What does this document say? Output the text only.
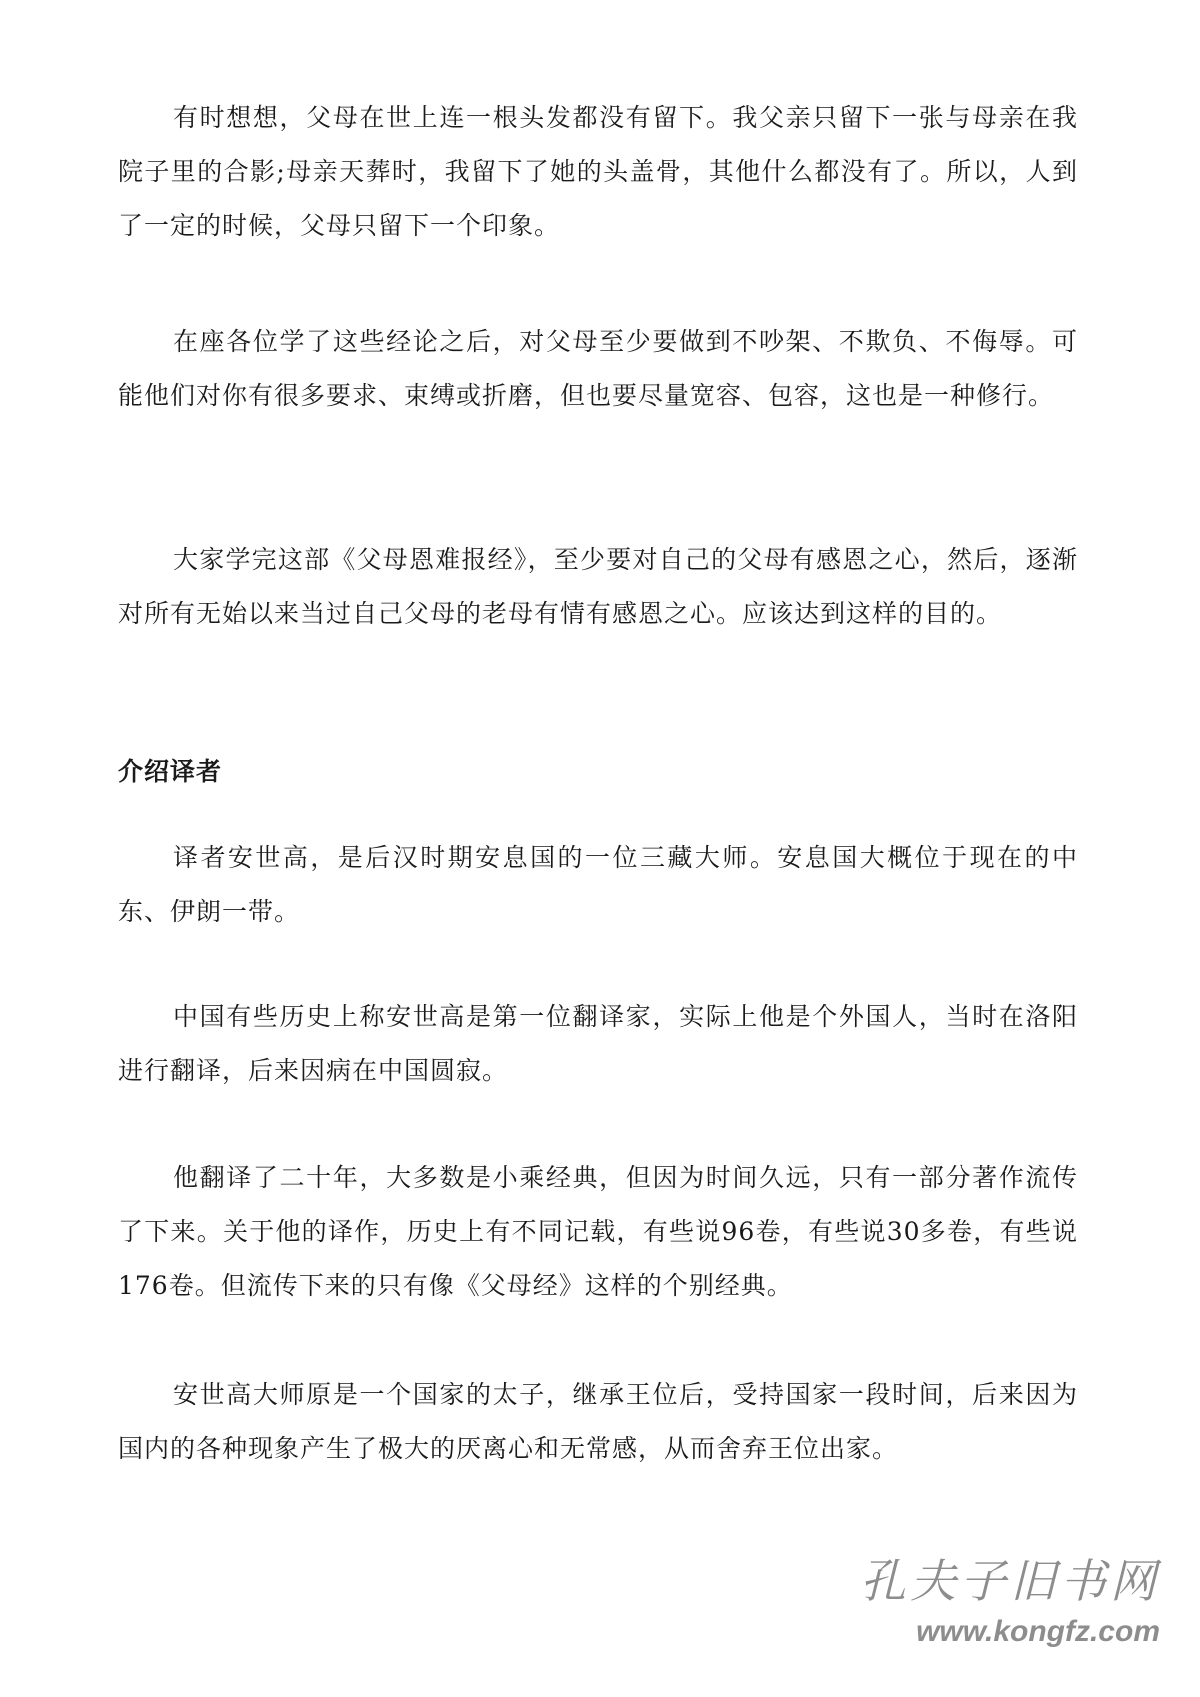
有时想想，父母在世上连一根头发都没有留下。我父亲只留下一张与母亲在我院子里的合影;母亲天葬时，我留下了她的头盖骨，其他什么都没有了。所以，人到了一定的时候，父母只留下一个印象。

在座各位学了这些经论之后，对父母至少要做到不吵架、不欺负、不侮辱。可能他们对你有很多要求、束缚或折磨，但也要尽量宽容、包容，这也是一种修行。

大家学完这部《父母恩难报经》，至少要对自己的父母有感恩之心，然后，逐渐对所有无始以来当过自己父母的老母有情有感恩之心。应该达到这样的目的。

介绍译者

译者安世高，是后汉时期安息国的一位三藏大师。安息国大概位于现在的中东、伊朗一带。

中国有些历史上称安世高是第一位翻译家，实际上他是个外国人，当时在洛阳进行翻译，后来因病在中国圆寂。

他翻译了二十年，大多数是小乘经典，但因为时间久远，只有一部分著作流传了下来。关于他的译作，历史上有不同记载，有些说96卷，有些说30多卷，有些说176卷。但流传下来的只有像《父母经》这样的个别经典。

安世高大师原是一个国家的太子，继承王位后，受持国家一段时间，后来因为国内的各种现象产生了极大的厌离心和无常感，从而舍弃王位出家。

孔夫子旧书网
www.kongfz.com
